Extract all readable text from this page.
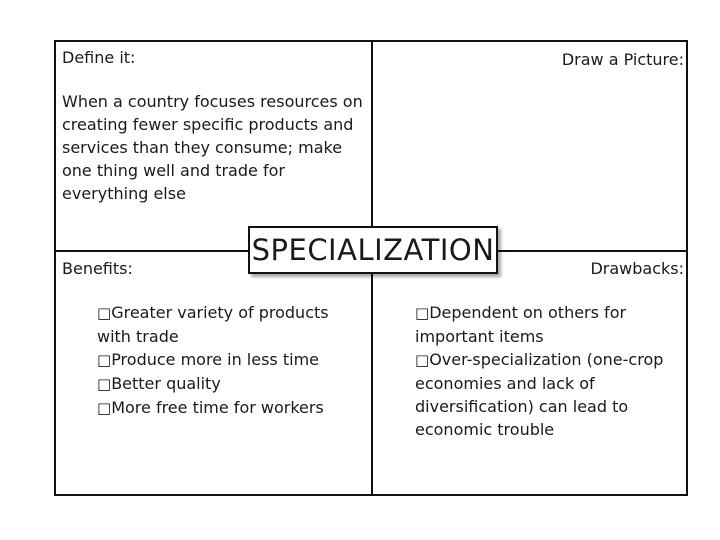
Define it:	Draw a Picture:

When a country focuses resources on creating fewer specific products and services than they consume; make one thing well and trade for everything else

Benefits:	Drawbacks:

SPECIALIZATION
□Greater variety of products with trade
□Produce more in less time
□Better quality
□More free time for workers
□Dependent on others for important items
□Over-specialization (one-crop economies and lack of diversification) can lead to economic trouble
